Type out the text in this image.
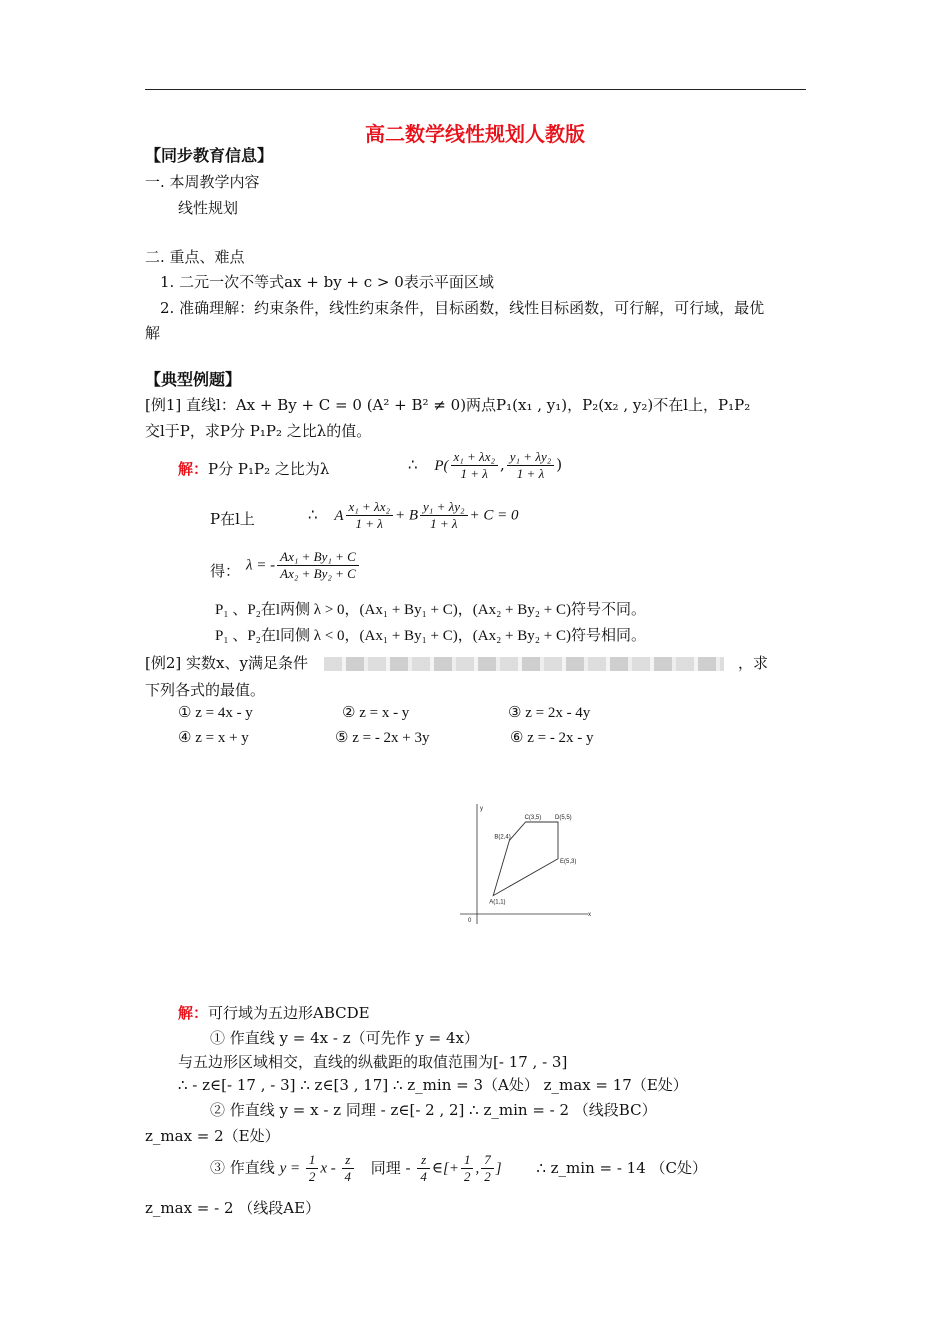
高二数学线性规划人教版
【同步教育信息】
一. 本周教学内容
线性规划
二. 重点、难点
1. 二元一次不等式ax + by + c > 0表示平面区域
2. 准确理解：约束条件，线性约束条件，目标函数，线性目标函数，可行解，可行域，最优
解
【典型例题】
[例1] 直线l：Ax + By + C = 0 (A² + B² ≠ 0)两点P₁(x₁ , y₁)，P₂(x₂ , y₂)不在l上，P₁P₂
交l于P，求P分 P₁P₂ 之比λ的值。
解：P分 P₁P₂ 之比为λ	∴ $P( \frac{\text{x₁ + λx₂}}{1 + \lambda}$ , $\frac{\text{y₁ + λy₂}}{1 + \lambda}$ )
P在l上	∴ A $\frac{\text{x₁ + λx₂}}{1 + \lambda} + B \frac{\text{y₁ + λy₂}}{1 + \lambda} + C = 0$
得： λ = - $\frac{\text{Ax₁ + By₁ + C}}{\text{Ax₂ + By₂ + C}}$
P₁ 、P₂在l两侧 λ > 0，(Ax₁ + By₁ + C)，(Ax₂ + By₂ + C)符号不同。
P₁ 、P₂在l同侧 λ < 0，(Ax₁ + By₁ + C)，(Ax₂ + By₂ + C)符号相同。
[例2] 实数x、y满足条件	，求
下列各式的最值。
① z = 4x - y	② z = x - y	③ z = 2x - 4y
④ z = x + y	⑤ z = - 2x + 3y	⑥ z = - 2x - y
x
y
0
A(1,1)
B(2,4)
C(3,5) D(5,5)
E(5,3)
解：可行域为五边形ABCDE
① 作直线 y = 4x - z（可先作 y = 4x）
与五边形区域相交，直线的纵截距的取值范围为[- 17 , - 3]
∴ - z∈[- 17 , - 3] ∴ z∈[3 , 17] ∴ z_min = 3（A处） z_max = 17（E处）
② 作直线 y = x - z 同理 - z∈[- 2 , 2] ∴ z_min = - 2 （线段BC）
z_max = 2（E处）
③ 作直线 $y = \frac{1}{2}$ x - $\frac{z}{4}$ 同理 - $\frac{z}{4}$ ∈[+ $\frac{1}{2}$ , $\frac{7}{2}$ ] ∴ z_min = - 14 （C处）
z_max = - 2 （线段AE）
